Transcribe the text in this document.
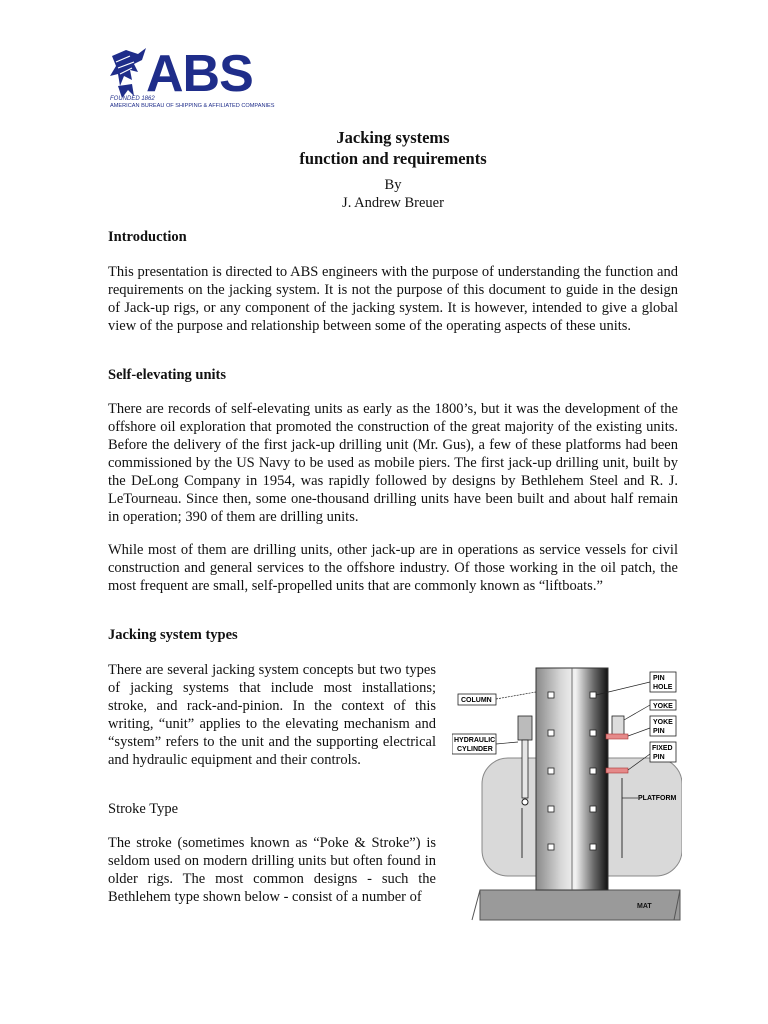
ABS
FOUNDED 1862
AMERICAN BUREAU OF SHIPPING & AFFILIATED COMPANIES
Jacking systems
function and requirements
By
J. Andrew Breuer
Introduction
This presentation is directed to ABS engineers with the purpose of understanding the function and requirements on the jacking system. It is not the purpose of this document to guide in the design of Jack-up rigs, or any component of the jacking system. It is however, intended to give a global view of the purpose and relationship between some of the operating aspects of these units.
Self-elevating units
There are records of self-elevating units as early as the 1800’s, but it was the development of the offshore oil exploration that promoted the construction of the great majority of the existing units. Before the delivery of the first jack-up drilling unit (Mr. Gus), a few of these platforms had been commissioned by the US Navy to be used as mobile piers. The first jack-up drilling unit, built by the DeLong Company in 1954, was rapidly followed by designs by Bethlehem Steel and R. J. LeTourneau. Since then, some one-thousand drilling units have been built and about half remain in operation; 390 of them are drilling units.
While most of them are drilling units, other jack-up are in operations as service vessels for civil construction and general services to the offshore industry. Of those working in the oil patch, the most frequent are small, self-propelled units that are commonly known as “liftboats.”
Jacking system types
There are several jacking system concepts but two types of jacking systems that include most installations; stroke, and rack-and-pinion. In the context of this writing, “unit” applies to the elevating mechanism and “system” refers to the unit and the supporting electrical and hydraulic equipment and their controls.
Stroke Type
The stroke (sometimes known as “Poke & Stroke”) is seldom used on modern drilling units but often found in older rigs. The most common designs - such the Bethlehem type shown below - consist of a number of
COLUMN
HYDRAULIC
CYLINDER
PIN
HOLE
YOKE
YOKE
PIN
FIXED
PIN
PLATFORM
MAT
